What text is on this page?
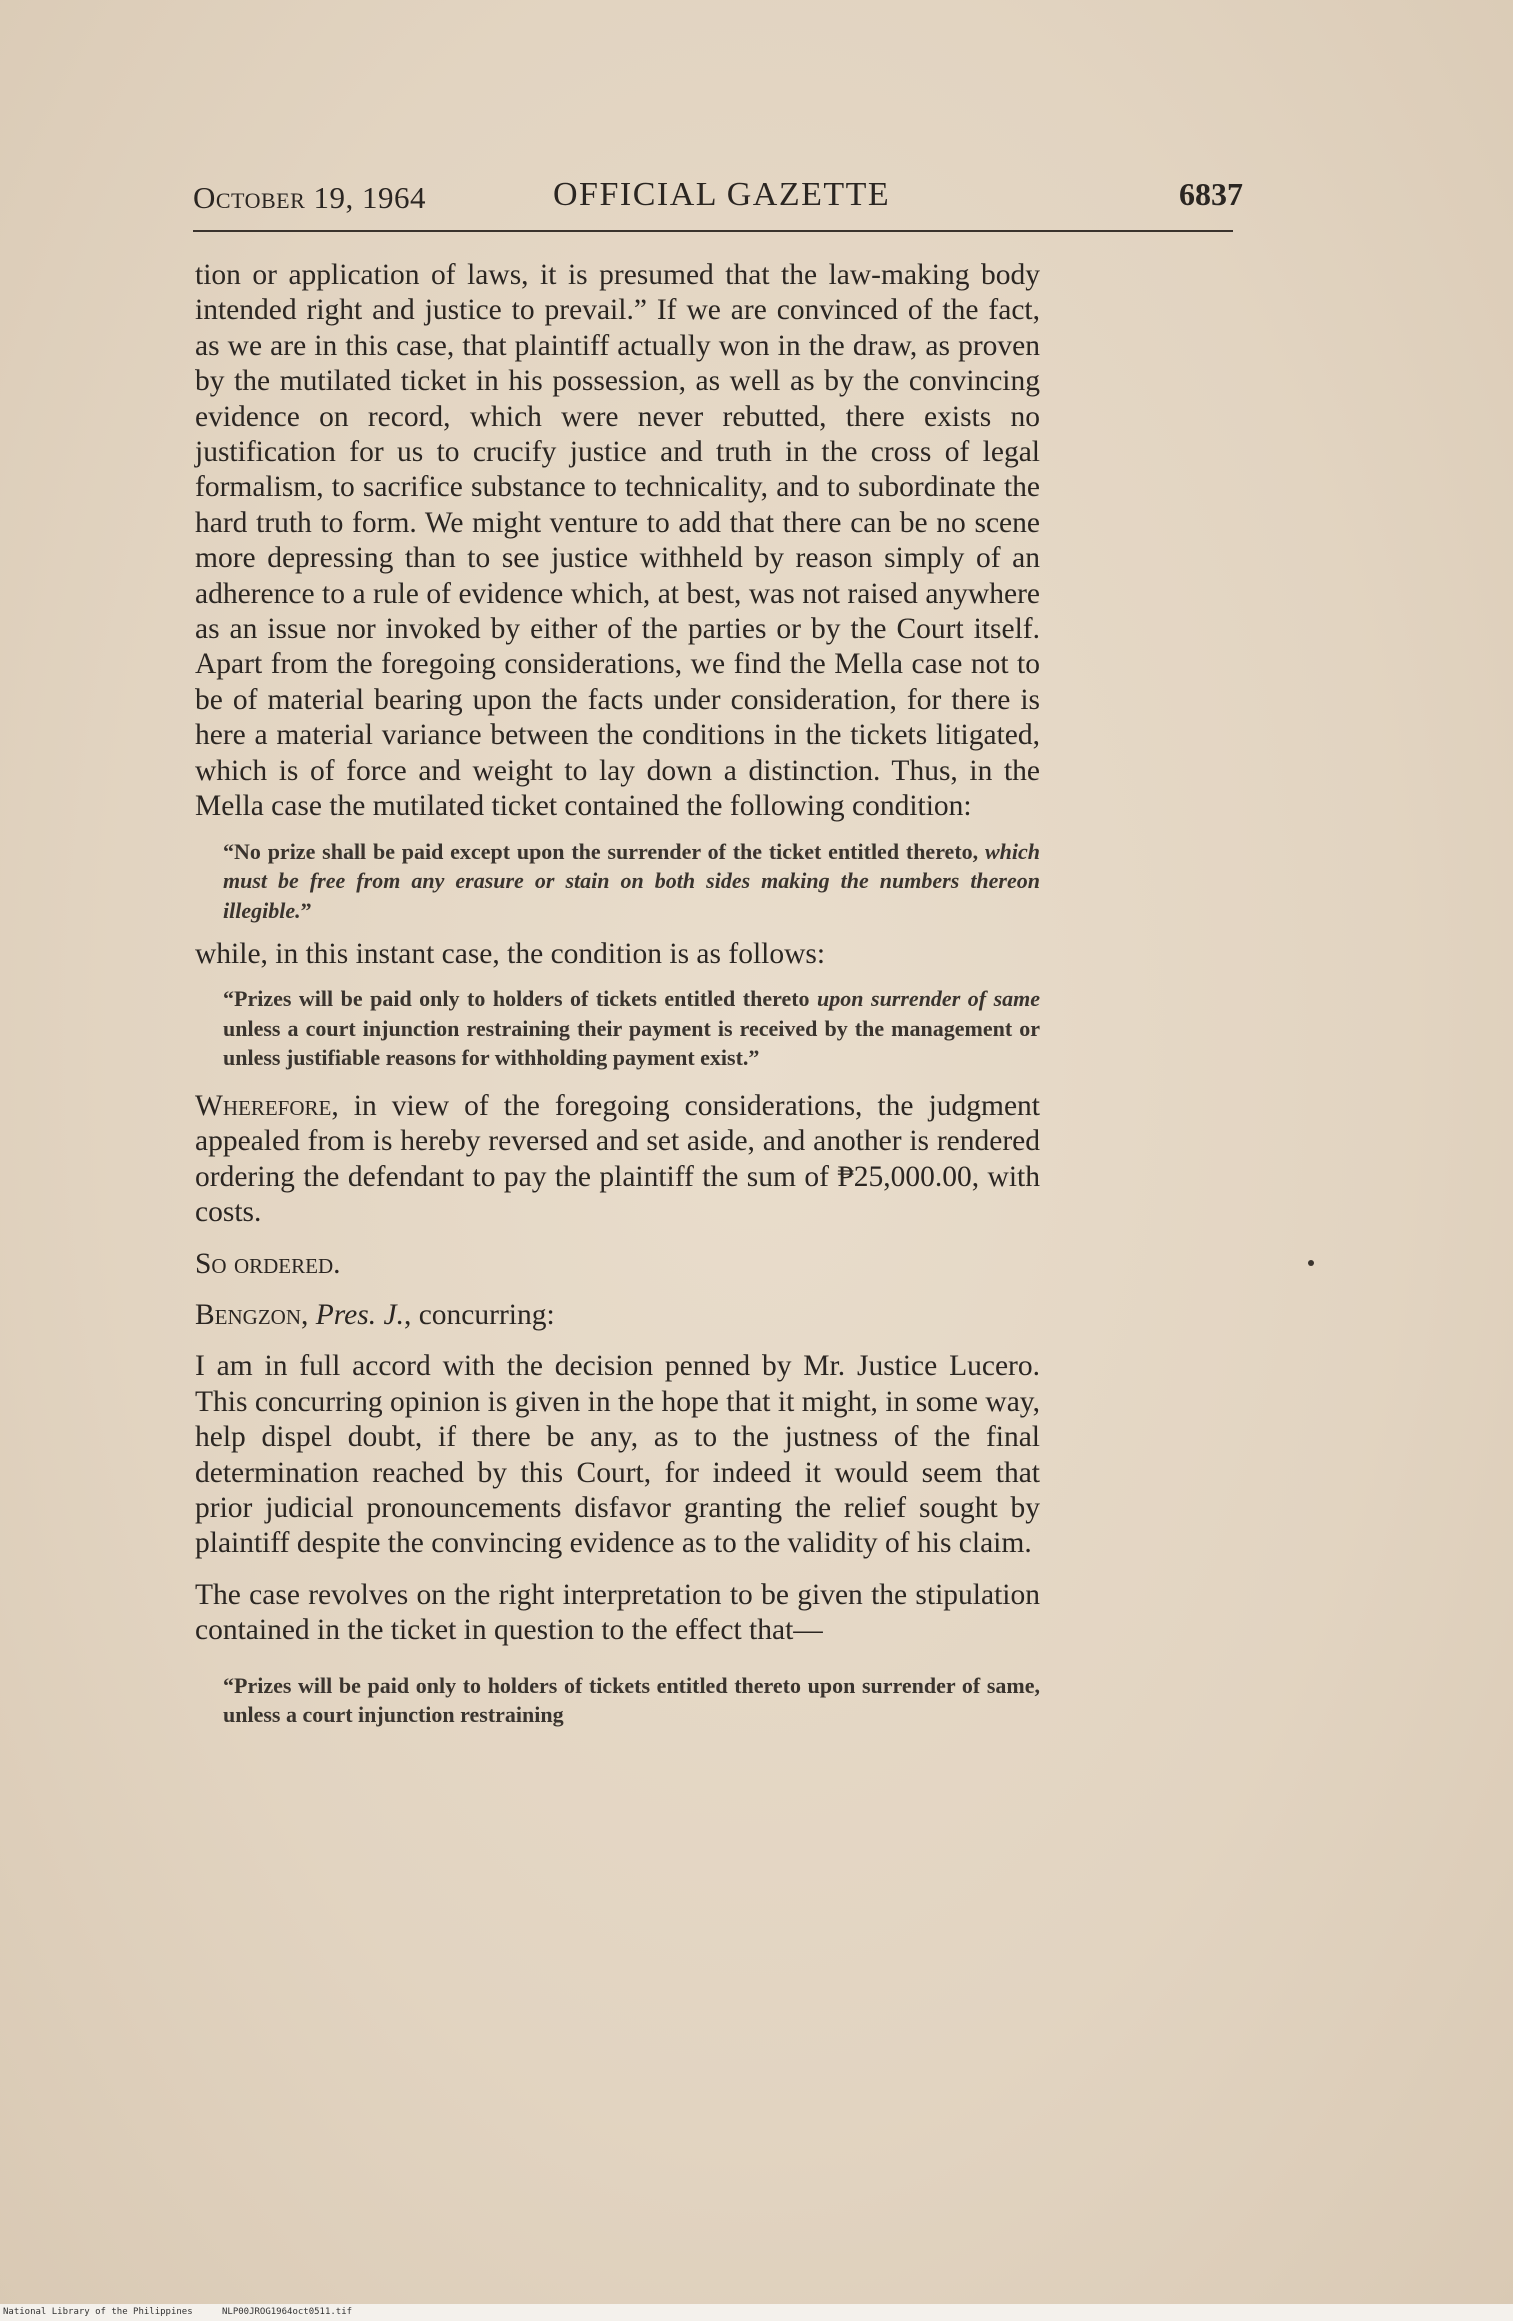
October 19, 1964	OFFICIAL GAZETTE	6837

tion or application of laws, it is presumed that the law-making body intended right and justice to prevail.” If we are convinced of the fact, as we are in this case, that plaintiff actually won in the draw, as proven by the mutilated ticket in his possession, as well as by the convincing evidence on record, which were never rebutted, there exists no justification for us to crucify justice and truth in the cross of legal formalism, to sacrifice substance to technicality, and to subordinate the hard truth to form. We might venture to add that there can be no scene more depressing than to see justice withheld by reason simply of an adherence to a rule of evidence which, at best, was not raised anywhere as an issue nor invoked by either of the parties or by the Court itself. Apart from the foregoing considerations, we find the Mella case not to be of material bearing upon the facts under consideration, for there is here a material variance between the conditions in the tickets litigated, which is of force and weight to lay down a distinction. Thus, in the Mella case the mutilated ticket contained the following condition:

“No prize shall be paid except upon the surrender of the ticket entitled thereto, which must be free from any erasure or stain on both sides making the numbers thereon illegible.”

while, in this instant case, the condition is as follows:

“Prizes will be paid only to holders of tickets entitled thereto upon surrender of same unless a court injunction restraining their payment is received by the management or unless justifiable reasons for withholding payment exist.”

Wherefore, in view of the foregoing considerations, the judgment appealed from is hereby reversed and set aside, and another is rendered ordering the defendant to pay the plaintiff the sum of ₱25,000.00, with costs.

So ordered.

Bengzon, Pres. J., concurring:

I am in full accord with the decision penned by Mr. Justice Lucero. This concurring opinion is given in the hope that it might, in some way, help dispel doubt, if there be any, as to the justness of the final determination reached by this Court, for indeed it would seem that prior judicial pronouncements disfavor granting the relief sought by plaintiff despite the convincing evidence as to the validity of his claim.

The case revolves on the right interpretation to be given the stipulation contained in the ticket in question to the effect that—

“Prizes will be paid only to holders of tickets entitled thereto upon surrender of same, unless a court injunction restraining

National Library of the Philippines	NLP00JROG1964oct0511.tif
